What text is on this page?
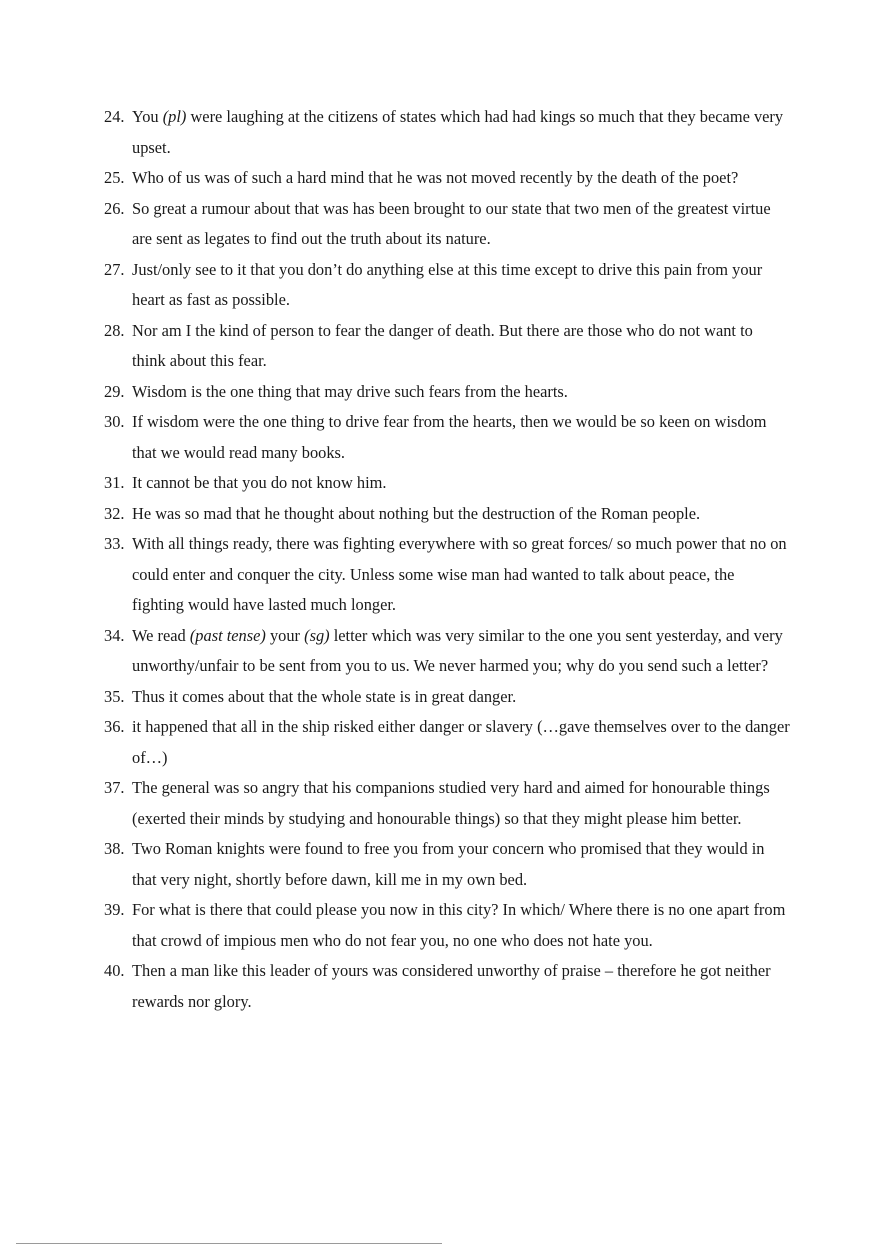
24. You (pl) were laughing at the citizens of states which had had kings so much that they became very upset.
25. Who of us was of such a hard mind that he was not moved recently by the death of the poet?
26. So great a rumour about that was has been brought to our state that two men of the greatest virtue are sent as legates to find out the truth about its nature.
27. Just/only see to it that you don’t do anything else at this time except to drive this pain from your heart as fast as possible.
28. Nor am I the kind of person to fear the danger of death. But there are those who do not want to think about this fear.
29. Wisdom is the one thing that may drive such fears from the hearts.
30. If wisdom were the one thing to drive fear from the hearts, then we would be so keen on wisdom that we would read many books.
31. It cannot be that you do not know him.
32. He was so mad that he thought about nothing but the destruction of the Roman people.
33. With all things ready, there was fighting everywhere with so great forces/ so much power that no on could enter and conquer the city. Unless some wise man had wanted to talk about peace, the fighting would have lasted much longer.
34. We read (past tense) your (sg) letter which was very similar to the one you sent yesterday, and very unworthy/unfair to be sent from you to us. We never harmed you; why do you send such a letter?
35. Thus it comes about that the whole state is in great danger.
36. it happened that all in the ship risked either danger or slavery (…gave themselves over to the danger of…)
37. The general was so angry that his companions studied very hard and aimed for honourable things (exerted their minds by studying and honourable things) so that they might please him better.
38. Two Roman knights were found to free you from your concern who promised that they would in that very night, shortly before dawn, kill me in my own bed.
39. For what is there that could please you now in this city? In which/ Where there is no one apart from that crowd of impious men who do not fear you, no one who does not hate you.
40. Then a man like this leader of yours was considered unworthy of praise – therefore he got neither rewards nor glory.
